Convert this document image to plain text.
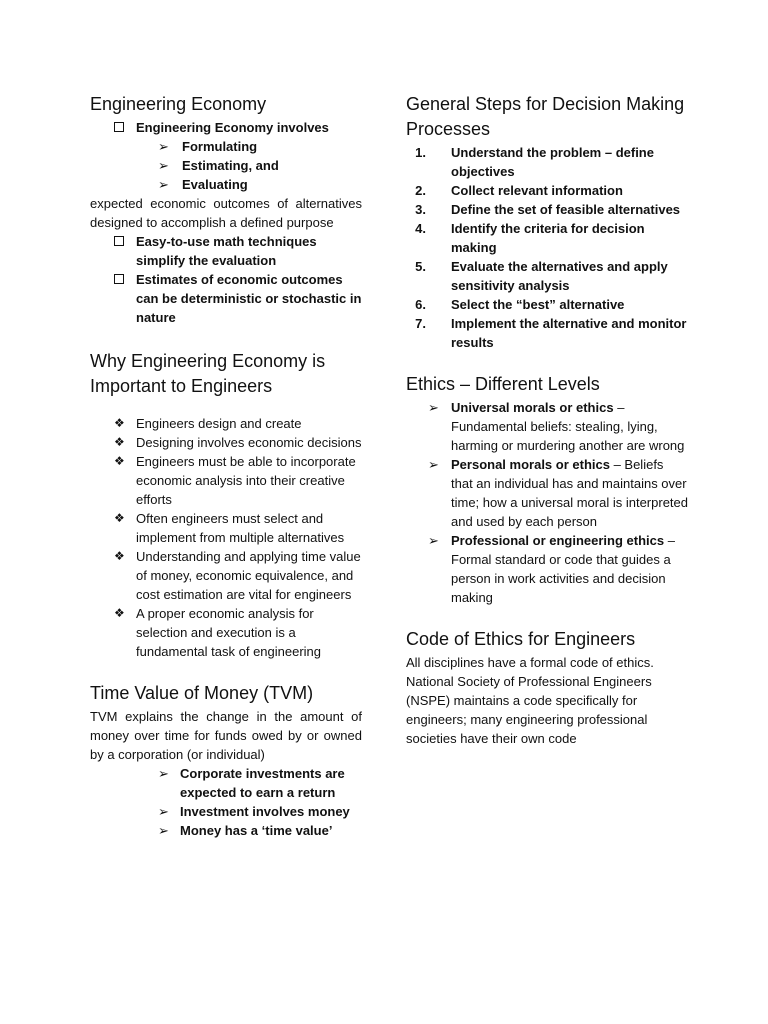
Engineering Economy
Engineering Economy involves
➢	Formulating
➢	Estimating, and
➢	Evaluating
expected economic outcomes of alternatives designed to accomplish a defined purpose
Easy-to-use math techniques simplify the evaluation
Estimates of economic outcomes can be deterministic or stochastic in nature
Why Engineering Economy is Important to Engineers
❖ Engineers design and create
❖ Designing involves economic decisions
❖ Engineers must be able to incorporate economic analysis into their creative efforts
❖ Often engineers must select and implement from multiple alternatives
❖ Understanding and applying time value of money, economic equivalence, and cost estimation are vital for engineers
❖ A proper economic analysis for selection and execution is a fundamental task of engineering
Time Value of Money (TVM)
TVM explains the change in the amount of money over time for funds owed by or owned by a corporation (or individual)
➢ Corporate investments are expected to earn a return
➢ Investment involves money
➢ Money has a ‘time value’
General Steps for Decision Making Processes
1. Understand the problem – define objectives
2. Collect relevant information
3. Define the set of feasible alternatives
4. Identify the criteria for decision making
5. Evaluate the alternatives and apply sensitivity analysis
6. Select the “best” alternative
7. Implement the alternative and monitor results
Ethics – Different Levels
➢ Universal morals or ethics – Fundamental beliefs: stealing, lying, harming or murdering another are wrong
➢ Personal morals or ethics – Beliefs that an individual has and maintains over time; how a universal moral is interpreted and used by each person
➢ Professional or engineering ethics – Formal standard or code that guides a person in work activities and decision making
Code of Ethics for Engineers
All disciplines have a formal code of ethics. National Society of Professional Engineers (NSPE) maintains a code specifically for engineers; many engineering professional societies have their own code
